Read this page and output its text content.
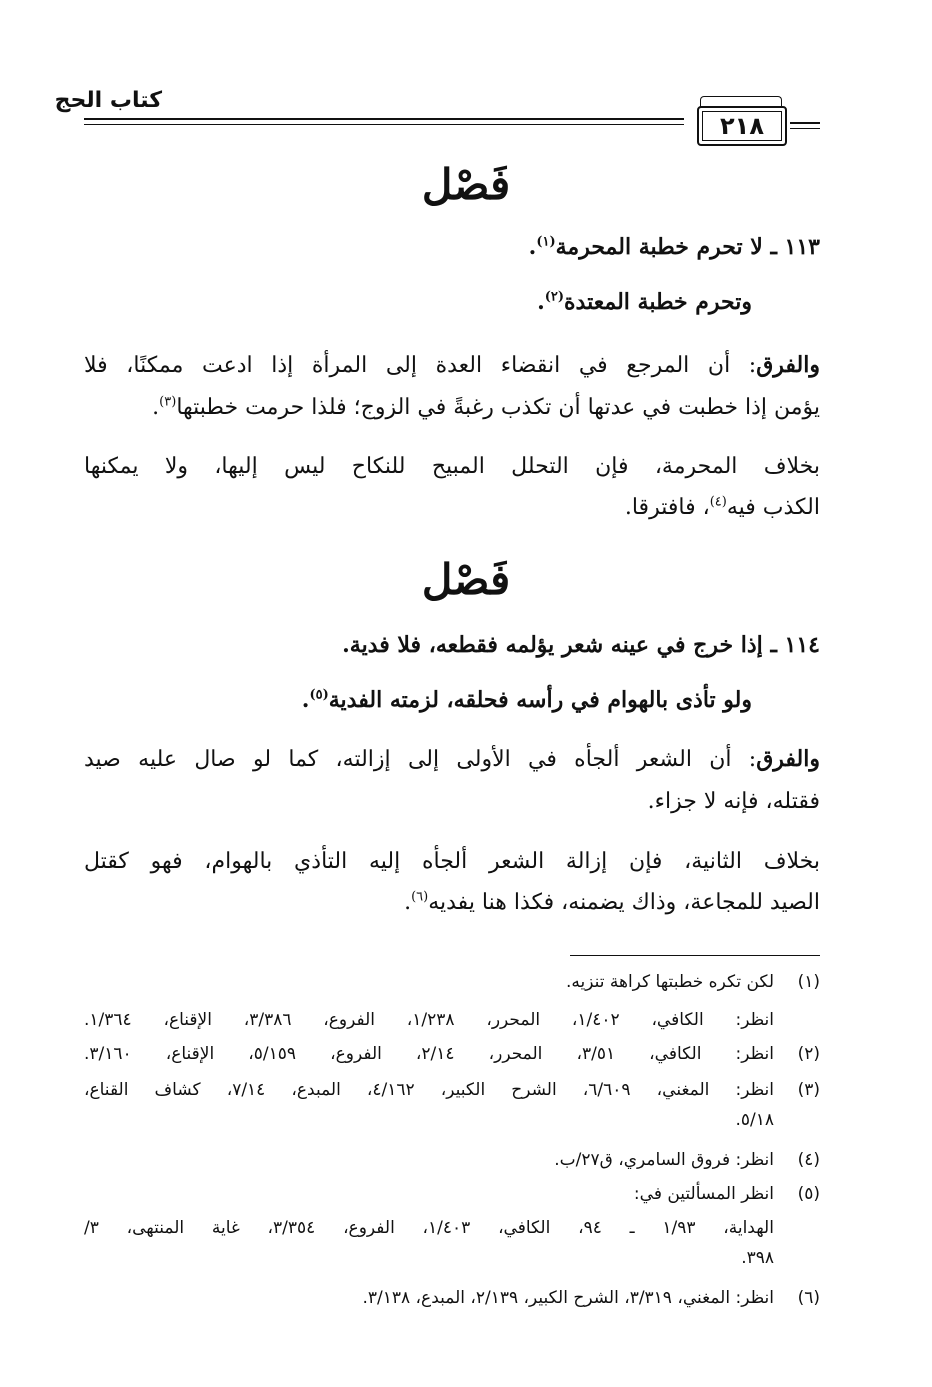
كتاب الحج
٢١٨
فَصْل
١١٣ ـ لا تحرم خطبة المحرمة$^{(١)}$.
وتحرم خطبة المعتدة$^{(٢)}$.
والفرق: أن المرجع في انقضاء العدة إلى المرأة إذا ادعت ممكنًا، فلا
يؤمن إذا خطبت في عدتها أن تكذب رغبةً في الزوج؛ فلذا حرمت خطبتها$^{(٣)}$.
بخلاف المحرمة، فإن التحلل المبيح للنكاح ليس إليها، ولا يمكنها
الكذب فيه$^{(٤)}$، فافترقا.
فَصْل
١١٤ ـ إذا خرج في عينه شعر يؤلمه فقطعه، فلا فدية.
ولو تأذى بالهوام في رأسه فحلقه، لزمته الفدية$^{(٥)}$.
والفرق: أن الشعر ألجأه في الأولى إلى إزالته، كما لو صال عليه صيد
فقتله، فإنه لا جزاء.
بخلاف الثانية، فإن إزالة الشعر ألجأه إليه التأذي بالهوام، فهو كقتل
الصيد للمجاعة، وذاك يضمنه، فكذا هنا يفديه$^{(٦)}$.
(١)
لكن تكره خطبتها كراهة تنزيه.
انظر: الكافي، ١/٤٠٢، المحرر، ١/٢٣٨، الفروع، ٣/٣٨٦، الإقناع، ١/٣٦٤.
(٢)
انظر: الكافي، ٣/٥١، المحرر، ٢/١٤، الفروع، ٥/١٥٩، الإقناع، ٣/١٦٠.
(٣)
انظر: المغني، ٦/٦٠٩، الشرح الكبير، ٤/١٦٢، المبدع، ٧/١٤، كشاف القناع،
٥/١٨.
(٤)
انظر: فروق السامري، ق٢٧/ب.
(٥)
انظر المسألتين في:
الهداية، ١/٩٣ ـ ٩٤، الكافي، ١/٤٠٣، الفروع، ٣/٣٥٤، غاية المنتهى، ٣/
٣٩٨.
(٦)
انظر: المغني، ٣/٣١٩، الشرح الكبير، ٢/١٣٩، المبدع، ٣/١٣٨.
